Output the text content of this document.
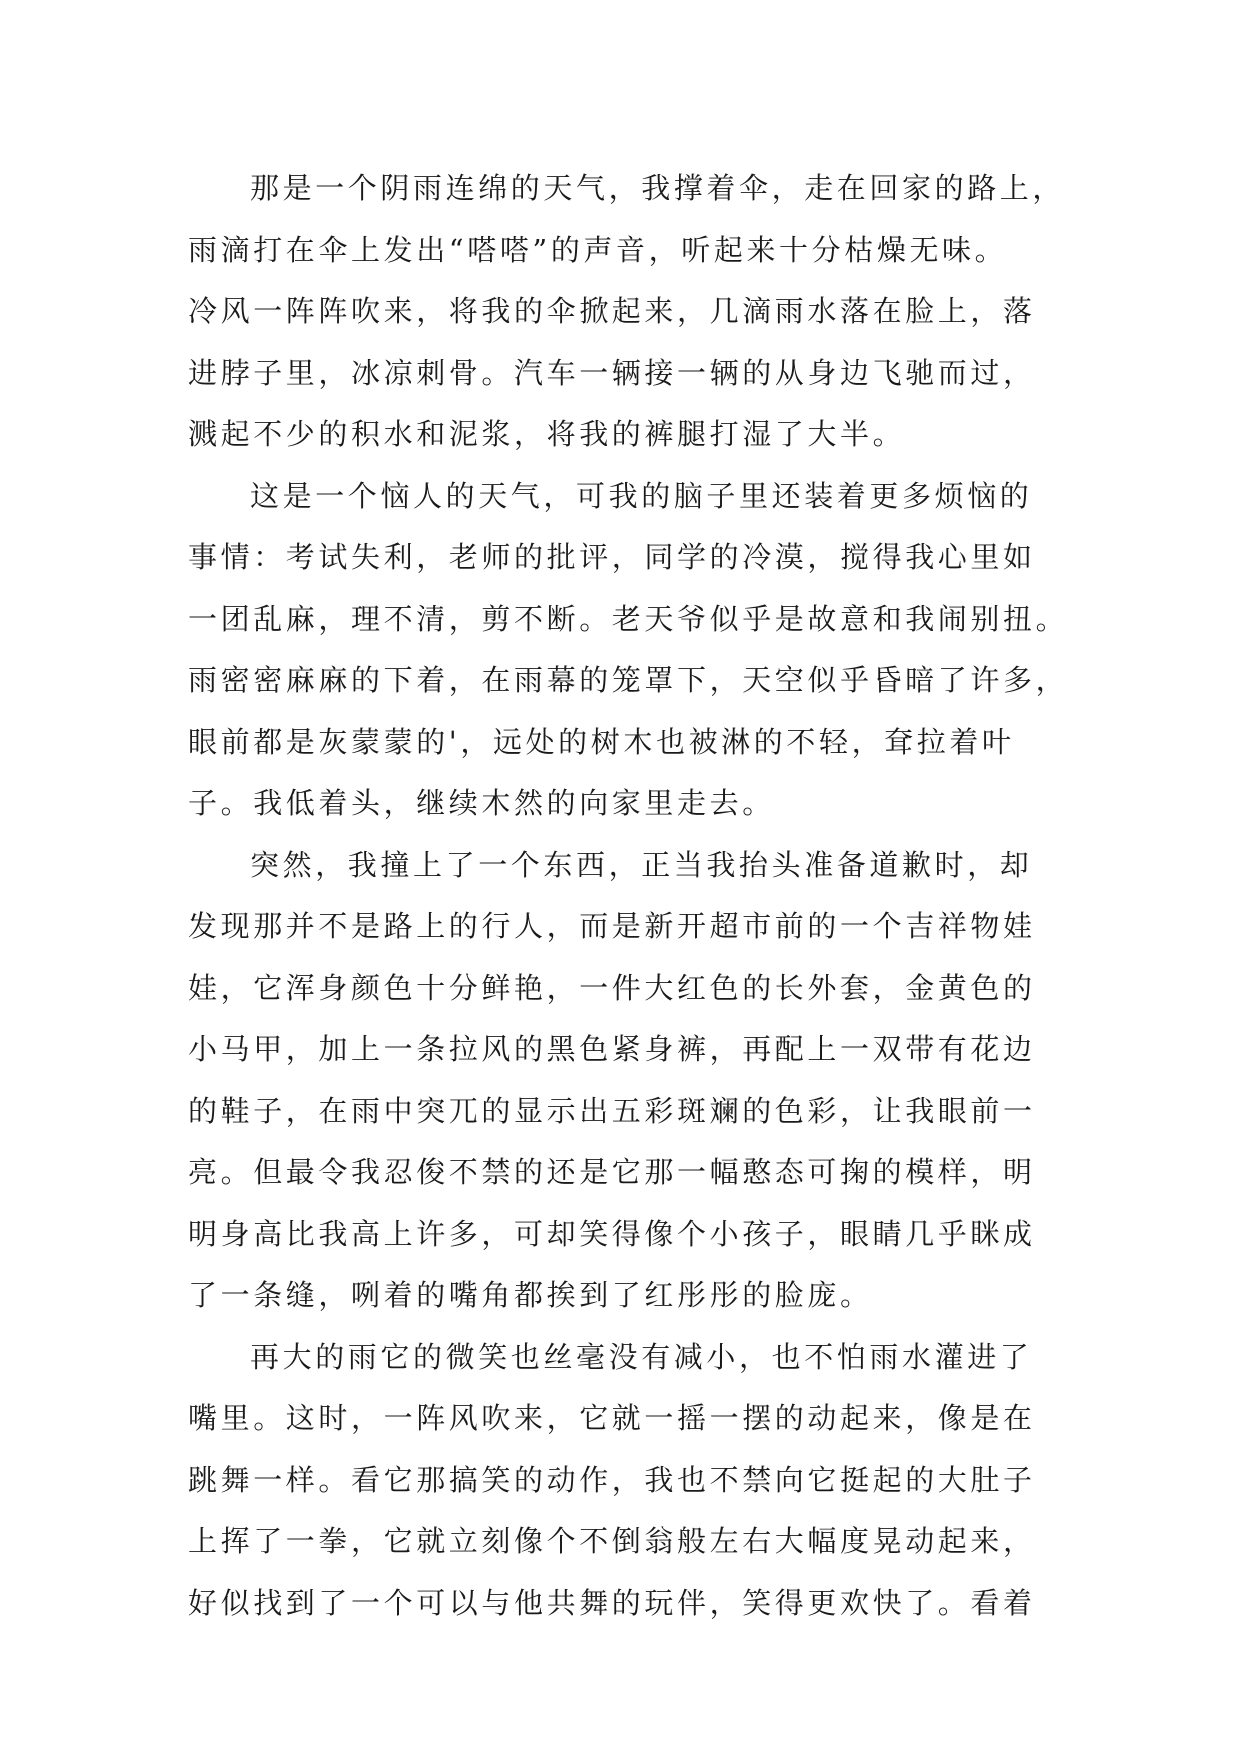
那是一个阴雨连绵的天气，我撑着伞，走在回家的路上，
雨滴打在伞上发出“嗒嗒”的声音，听起来十分枯燥无味。
冷风一阵阵吹来，将我的伞掀起来，几滴雨水落在脸上，落
进脖子里，冰凉刺骨。汽车一辆接一辆的从身边飞驰而过，
溅起不少的积水和泥浆，将我的裤腿打湿了大半。
这是一个恼人的天气，可我的脑子里还装着更多烦恼的
事情：考试失利，老师的批评，同学的冷漠，搅得我心里如
一团乱麻，理不清，剪不断。老天爷似乎是故意和我闹别扭。
雨密密麻麻的下着，在雨幕的笼罩下，天空似乎昏暗了许多，
眼前都是灰蒙蒙的'，远处的树木也被淋的不轻，耷拉着叶
子。我低着头，继续木然的向家里走去。
突然，我撞上了一个东西，正当我抬头准备道歉时，却
发现那并不是路上的行人，而是新开超市前的一个吉祥物娃
娃，它浑身颜色十分鲜艳，一件大红色的长外套，金黄色的
小马甲，加上一条拉风的黑色紧身裤，再配上一双带有花边
的鞋子，在雨中突兀的显示出五彩斑斓的色彩，让我眼前一
亮。但最令我忍俊不禁的还是它那一幅憨态可掬的模样，明
明身高比我高上许多，可却笑得像个小孩子，眼睛几乎眯成
了一条缝，咧着的嘴角都挨到了红彤彤的脸庞。
再大的雨它的微笑也丝毫没有减小，也不怕雨水灌进了
嘴里。这时，一阵风吹来，它就一摇一摆的动起来，像是在
跳舞一样。看它那搞笑的动作，我也不禁向它挺起的大肚子
上挥了一拳，它就立刻像个不倒翁般左右大幅度晃动起来，
好似找到了一个可以与他共舞的玩伴，笑得更欢快了。看着
